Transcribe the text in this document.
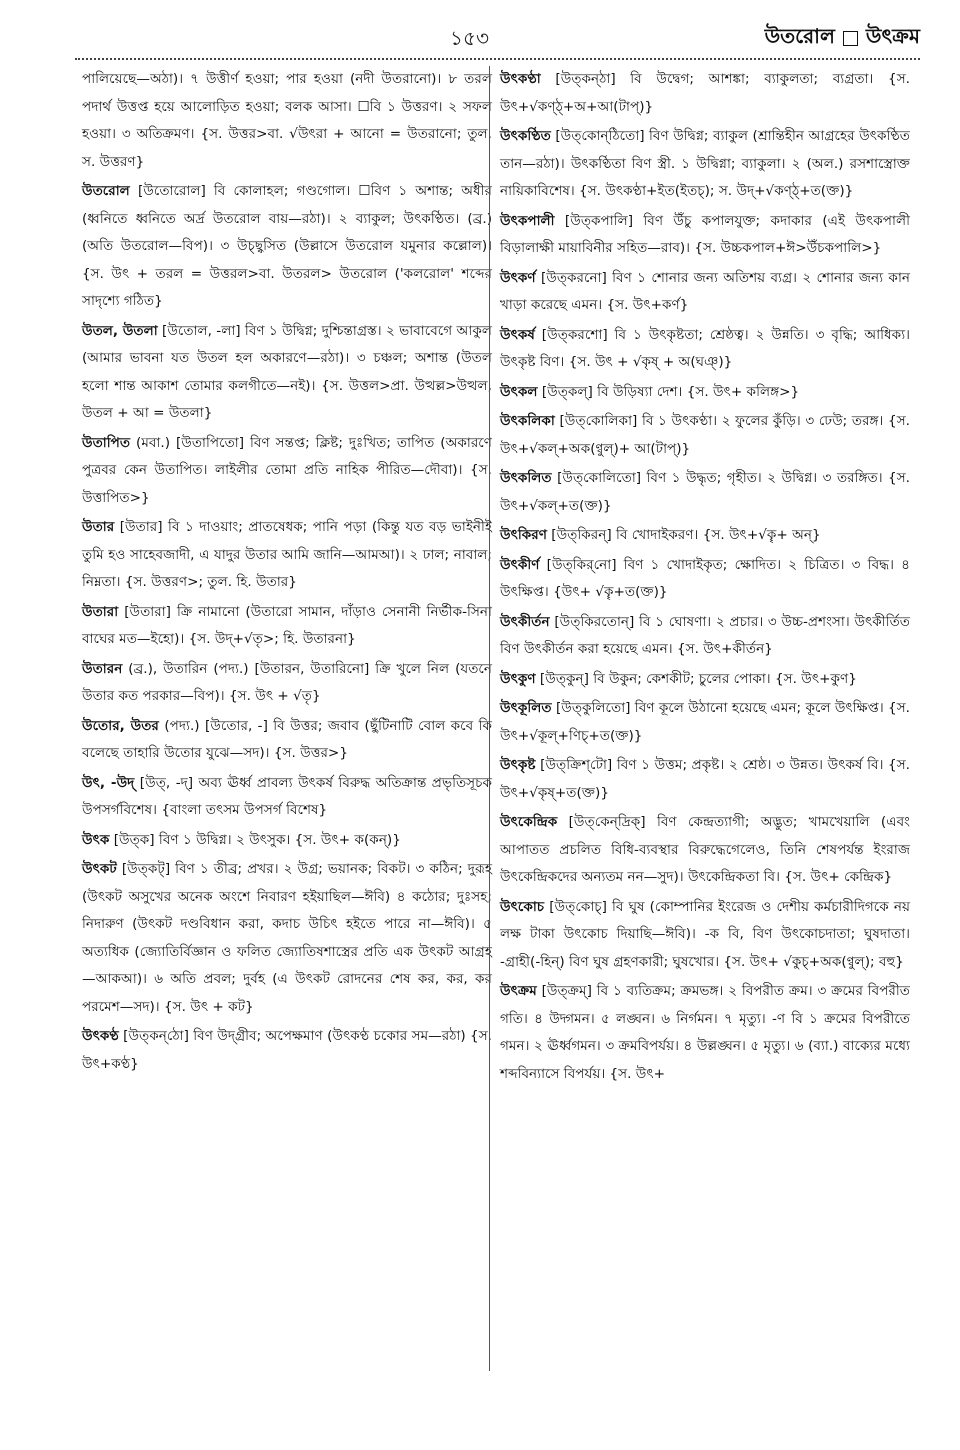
১৫৩	উতরোল উৎক্রম

পালিয়েছে—অঠা)। ৭ উত্তীর্ণ হওয়া; পার হওয়া (নদী উতরানো)। ৮ তরল পদার্থ উত্তপ্ত হয়ে আলোড়িত হওয়া; বলক আসা। ☐বি ১ উত্তরণ। ২ সফল হওয়া। ৩ অতিক্রমণ। {স. উত্তর>বা. √উৎরা + আনো = উতরানো; তুল. স. উত্তরণ}

উতরোল [উতোরোল] বি কোলাহল; গণ্ডগোল। ☐বিণ ১ অশান্ত; অধীর (ধ্বনিতে ধ্বনিতে অর্দ্র উতরোল বায়—রঠা)। ২ ব্যাকুল; উৎকণ্ঠিত। (ব্র.) (অতি উতরোল—বিপ)। ৩ উচ্ছ্বসিত (উল্লাসে উতরোল যমুনার কল্লোল)। {স. উৎ + তরল = উত্তরল>বা. উতরল> উতরোল ('কলরোল' শব্দের সাদৃশ্যে গঠিত}

উতল, উতলা [উতোল, -লা] বিণ ১ উদ্বিগ্ন; দুশ্চিন্তাগ্রস্ত। ২ ভাবাবেগে আকুল (আমার ভাবনা যত উতল হল অকারণে—রঠা)। ৩ চঞ্চল; অশান্ত (উতল হলো শান্ত আকাশ তোমার কলগীতে—নই)। {স. উত্তল>প্রা. উত্থল্ল>উত্থল, উতল + আ = উতলা}

উতাপিত (মবা.) [উতাপিতো] বিণ সন্তপ্ত; ক্লিষ্ট; দুঃখিত; তাপিত (অকারণে পুত্রবর কেন উতাপিত। লাইলীর তোমা প্রতি নাহিক পীরিত—দৌবা)। {স. উত্তাপিত>}

উতার [উতার] বি ১ দাওয়াং; প্রাতষেধক; পানি পড়া (কিন্তু যত বড় ভাইনীই তুমি হও সাহেবজাদী, এ যাদুর উতার আমি জানি—আমআ)। ২ ঢাল; নাবাল; নিম্নতা। {স. উত্তরণ>; তুল. হি. উতার}

উতারা [উতারা] ক্রি নামানো (উতারো সামান, দাঁড়াও সেনানী নির্ভীক-সিনা বাঘের মত—ইহো)। {স. উদ্+√তৃ>; হি. উতারনা}

উতারন (ব্র.), উতারিন (পদ্য.) [উতারন, উতারিনো] ক্রি খুলে নিল (যতনে উতার কত পরকার—বিপ)। {স. উৎ + √তৃ}

উতোর, উতর (পদ্য.) [উতোর, -] বি উত্তর; জবাব (ছুঁটিনাটি বোল কবে কি বলেছে তাহারি উতোর যুঝে—সদ)। {স. উত্তর>}

উৎ, -উদ্ [উত্, -দ্] অব্য ঊর্ধ্ব প্রাবল্য উৎকর্ষ বিরুদ্ধ অতিক্রান্ত প্রভৃতিসূচক উপসর্গবিশেষ। {বাংলা তৎসম উপসর্গ বিশেষ}

উৎক [উত্‌ক] বিণ ১ উদ্বিগ্ন। ২ উৎসুক। {স. উৎ+ ক(কন্)}

উৎকট [উত্‌কট্] বিণ ১ তীব্র; প্রখর। ২ উগ্র; ভয়ানক; বিকট। ৩ কঠিন; দুরূহ (উৎকট অসুখের অনেক অংশে নিবারণ হইয়াছিল—ঈবি) ৪ কঠোর; দুঃসহ; নিদারুণ (উৎকট দণ্ডবিধান করা, কদাচ উচিৎ হইতে পারে না—ঈবি)। ৫ অত্যধিক (জ্যোতির্বিজ্ঞান ও ফলিত জ্যোতিষশাস্ত্রের প্রতি এক উৎকট আগ্রহ—আকআ)। ৬ অতি প্রবল; দুর্বহ (এ উৎকট রোদনের শেষ কর, কর, কর পরমেশ—সদ)। {স. উৎ + কট}

উৎকণ্ঠ [উত্‌কন্‌ঠো] বিণ উদ্গ্রীব; অপেক্ষমাণ (উৎকণ্ঠ চকোর সম—রঠা) {স. উৎ+কণ্ঠ}

উৎকণ্ঠা [উত্‌কন্‌ঠা] বি উদ্বেগ; আশঙ্কা; ব্যাকুলতা; ব্যগ্রতা। {স. উৎ+√কণ্ঠ্+অ+আ(টাপ্)}

উৎকণ্ঠিত [উত্‌কোন্‌ঠিতো] বিণ উদ্বিগ্ন; ব্যাকুল (শ্রান্তিহীন আগ্রহের উৎকণ্ঠিত তান—রঠা)। উৎকণ্ঠিতা বিণ স্ত্রী. ১ উদ্বিগ্না; ব্যাকুলা। ২ (অল.) রসশাস্ত্রোক্ত নায়িকাবিশেষ। {স. উৎকণ্ঠা+ইত(ইতচ্); স. উদ্+√কণ্ঠ্+ত(ক্ত)}

উৎকপালী [উত্‌কপালি] বিণ উঁচু কপালযুক্ত; কদাকার (এই উৎকপালী বিড়ালাক্ষী মায়াবিনীর সহিত—রাব)। {স. উচ্চকপাল+ঈ>উঁচকপালি>}

উৎকর্ণ [উত্‌করনো] বিণ ১ শোনার জন্য অতিশয় ব্যগ্র। ২ শোনার জন্য কান খাড়া করেছে এমন। {স. উৎ+কর্ণ}

উৎকর্ষ [উত্‌করশো] বি ১ উৎকৃষ্টতা; শ্রেষ্ঠত্ব। ২ উন্নতি। ৩ বৃদ্ধি; আধিক্য। উৎকৃষ্ট বিণ। {স. উৎ + √কৃষ্ + অ(ঘঞ্)}

উৎকল [উত্‌কল্] বি উড়িষ্যা দেশ। {স. উৎ+ কলিঙ্গ>}

উৎকলিকা [উত্‌কোলিকা] বি ১ উৎকণ্ঠা। ২ ফুলের কুঁড়ি। ৩ ঢেউ; তরঙ্গ। {স. উৎ+√কল্+অক(ণ্বুল্)+ আ(টাপ্)}

উৎকলিত [উত্‌কোলিতো] বিণ ১ উদ্ধৃত; গৃহীত। ২ উদ্বিগ্ন। ৩ তরঙ্গিত। {স. উৎ+√কল্+ত(ক্ত)}

উৎকিরণ [উত্‌কিরন্] বি খোদাইকরণ। {স. উৎ+√কৄ+ অন্}

উৎকীর্ণ [উত্‌কির্‌নো] বিণ ১ খোদাইকৃত; ক্ষোদিত। ২ চিত্রিত। ৩ বিদ্ধ। ৪ উৎক্ষিপ্ত। {উৎ+ √কৄ+ত(ক্ত)}

উৎকীর্তন [উত্‌কিরতোন্] বি ১ ঘোষণা। ২ প্রচার। ৩ উচ্চ-প্রশংসা। উৎকীর্তিত বিণ উৎকীর্তন করা হয়েছে এমন। {স. উৎ+কীর্তন}

উৎকুণ [উত্‌কুন্] বি উকুন; কেশকীট; চুলের পোকা। {স. উৎ+কুণ}

উৎকূলিত [উত্‌কুলিতো] বিণ কূলে উঠানো হয়েছে এমন; কূলে উৎক্ষিপ্ত। {স. উৎ+√কূল্+ণিচ্+ত(ক্ত)}

উৎকৃষ্ট [উত্‌ক্রিশ্‌টো] বিণ ১ উত্তম; প্রকৃষ্ট। ২ শ্রেষ্ঠ। ৩ উন্নত। উৎকর্ষ বি। {স. উৎ+√কৃষ্+ত(ক্ত)}

উৎকেন্দ্রিক [উত্‌কেন্‌দ্রিক্] বিণ কেন্দ্রত্যাগী; অদ্ভুত; খামখেয়ালি (এবং আপাতত প্রচলিত বিধি-ব্যবস্থার বিরুদ্ধেগেলেও, তিনি শেষপর্যন্ত ইংরাজ উৎকেন্দ্রিকদের অন্যতম নন—সুদ)। উৎকেন্দ্রিকতা বি। {স. উৎ+ কেন্দ্রিক}

উৎকোচ [উত্‌কোচ্] বি ঘুষ (কোম্পানির ইংরেজ ও দেশীয় কর্মচারীদিগকে নয় লক্ষ টাকা উৎকোচ দিয়াছি—ঈবি)। -ক বি, বিণ উৎকোচদাতা; ঘুষদাতা। -গ্রাহী(-হিন্) বিণ ঘুষ গ্রহণকারী; ঘুষখোর। {স. উৎ+ √কুচ্+অক(ণ্বুল্); বহু}

উৎক্রম [উত্‌ক্রম্] বি ১ ব্যতিক্রম; ক্রমভঙ্গ। ২ বিপরীত ক্রম। ৩ ক্রমের বিপরীত গতি। ৪ উদ্গমন। ৫ লঙ্ঘন। ৬ নির্গমন। ৭ মৃত্যু। -ণ বি ১ ক্রমের বিপরীতে গমন। ২ ঊর্ধ্বগমন। ৩ ক্রমবিপর্যয়। ৪ উল্লঙ্ঘন। ৫ মৃত্যু। ৬ (ব্যা.) বাক্যের মধ্যে শব্দবিন্যাসে বিপর্যয়। {স. উৎ+
